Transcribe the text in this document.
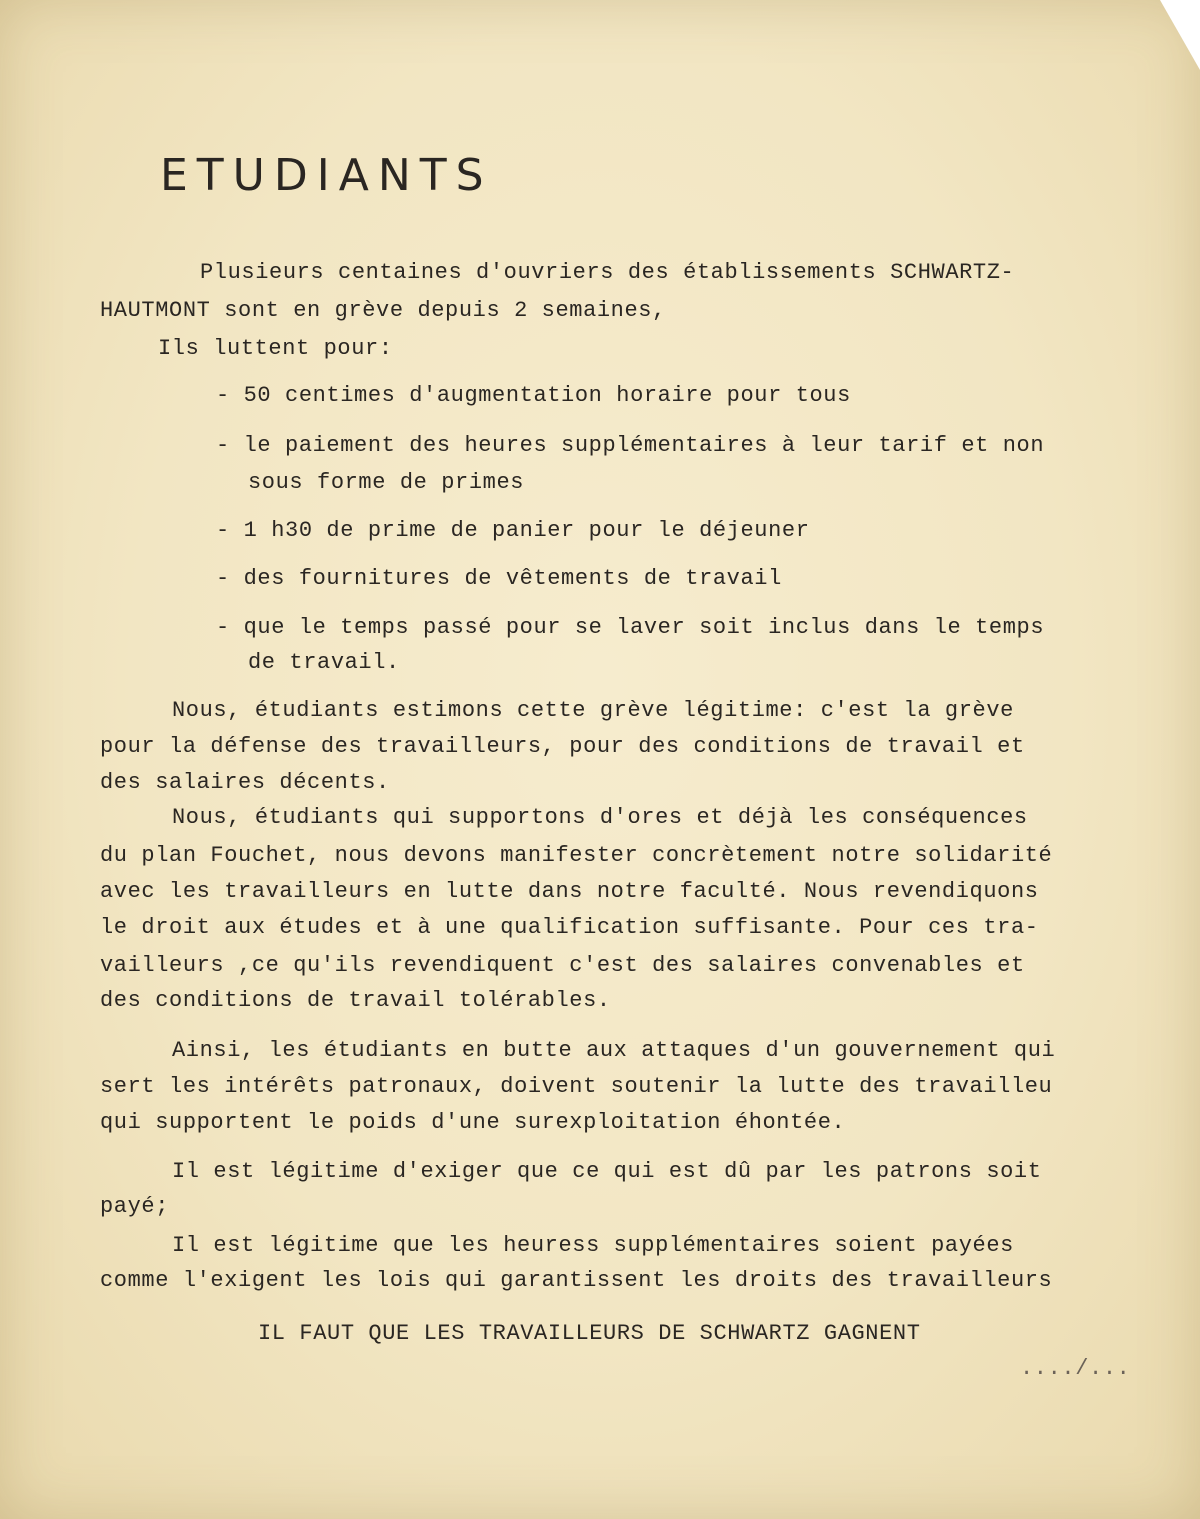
ETUDIANTS
Plusieurs centaines d'ouvriers des établissements SCHWARTZ-
HAUTMONT sont en grève depuis 2 semaines,
Ils luttent pour:
- 50 centimes d'augmentation horaire pour tous
- le paiement des heures supplémentaires à leur tarif et non
sous forme de primes
- 1 h30 de prime de panier pour le déjeuner
- des fournitures de vêtements de travail
- que le temps passé pour se laver soit inclus dans le temps
de travail.
Nous, étudiants estimons cette grève légitime: c'est la grève
pour la défense des travailleurs, pour des conditions de travail et
des salaires décents.
Nous, étudiants qui supportons d'ores et déjà les conséquences
du plan Fouchet, nous devons manifester concrètement notre solidarité
avec les travailleurs en lutte dans notre faculté. Nous revendiquons
le droit aux études et à une qualification suffisante. Pour ces tra-
vailleurs ,ce qu'ils revendiquent c'est des salaires convenables et
des conditions de travail tolérables.
Ainsi, les étudiants en butte aux attaques d'un gouvernement qui
sert les intérêts patronaux, doivent soutenir la lutte des travailleu
qui supportent le poids d'une surexploitation éhontée.
Il est légitime d'exiger que ce qui est dû par les patrons soit
payé;
Il est légitime que les heuress supplémentaires soient payées
comme l'exigent les lois qui garantissent les droits des travailleurs
IL FAUT QUE LES TRAVAILLEURS DE SCHWARTZ GAGNENT
..../...
